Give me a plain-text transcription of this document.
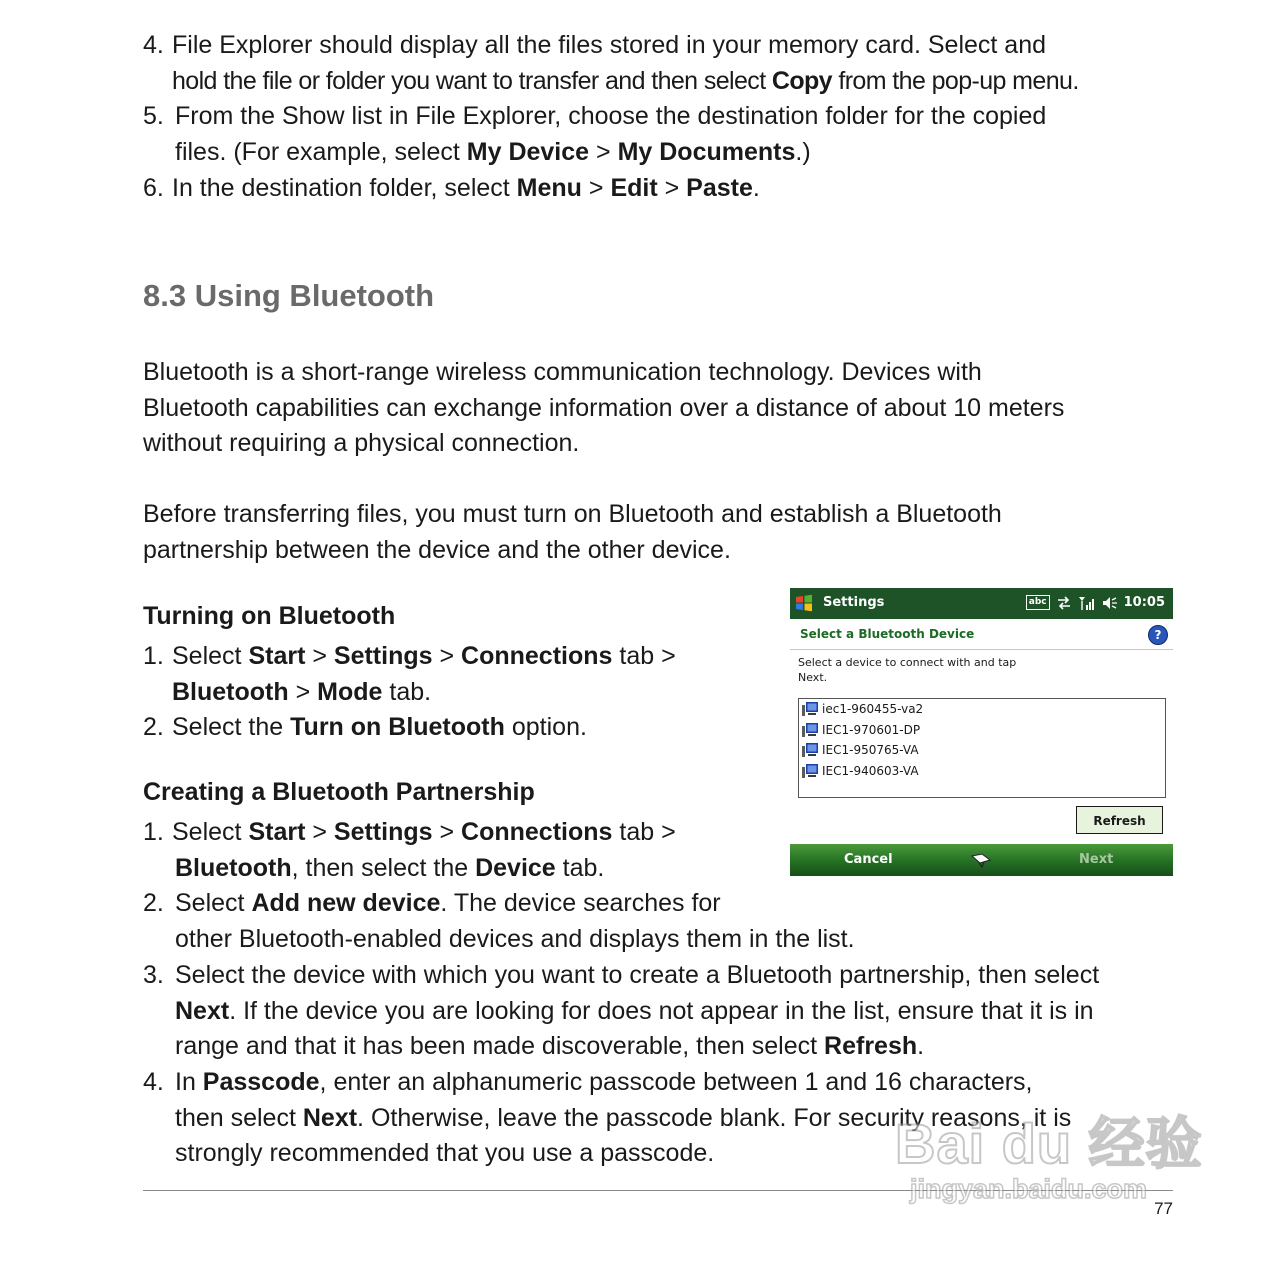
4. File Explorer should display all the files stored in your memory card. Select and
hold the file or folder you want to transfer and then select Copy from the pop-up menu.
5. From the Show list in File Explorer, choose the destination folder for the copied
files. (For example, select My Device > My Documents.)
6. In the destination folder, select Menu > Edit > Paste.
8.3 Using Bluetooth
Bluetooth is a short-range wireless communication technology. Devices with
Bluetooth capabilities can exchange information over a distance of about 10 meters
without requiring a physical connection.
Before transferring files, you must turn on Bluetooth and establish a Bluetooth
partnership between the device and the other device.
Turning on Bluetooth
1. Select Start > Settings > Connections tab >
Bluetooth > Mode tab.
2. Select the Turn on Bluetooth option.
Creating a Bluetooth Partnership
1. Select Start > Settings > Connections tab >
Bluetooth, then select the Device tab.
2. Select Add new device. The device searches for
other Bluetooth-enabled devices and displays them in the list.
3. Select the device with which you want to create a Bluetooth partnership, then select
Next. If the device you are looking for does not appear in the list, ensure that it is in
range and that it has been made discoverable, then select Refresh.
4. In Passcode, enter an alphanumeric passcode between 1 and 16 characters,
then select Next. Otherwise, leave the passcode blank. For security reasons, it is
strongly recommended that you use a passcode.
77
Settings	abc	10:05
Select a Bluetooth Device	?
Select a device to connect with and tap
Next.
iec1-960455-va2
IEC1-970601-DP
IEC1-950765-VA
IEC1-940603-VA
Refresh
Cancel	Next
Bai du 经验
jingyan.baidu.com
